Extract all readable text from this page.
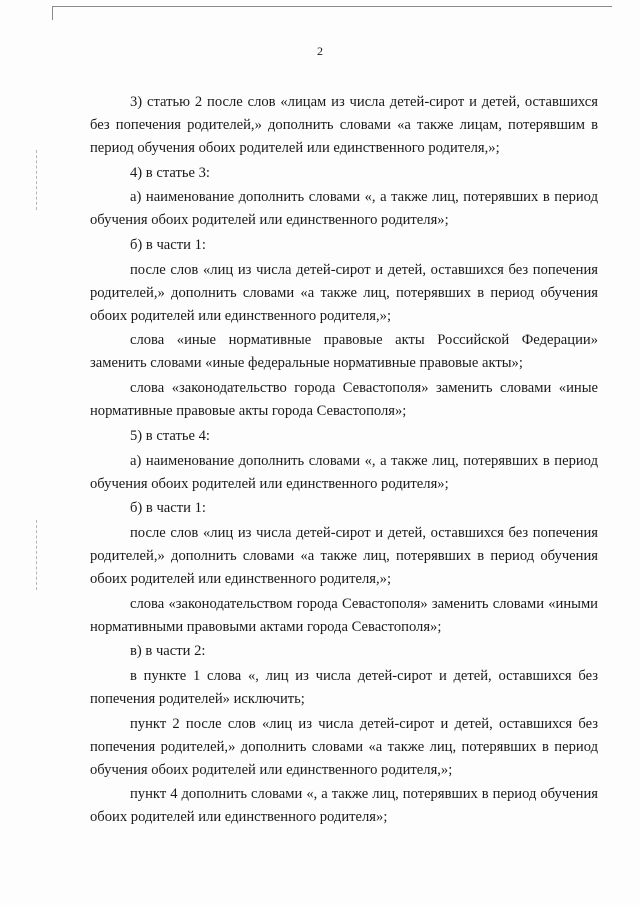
2

3) статью 2 после слов «лицам из числа детей-сирот и детей, оставшихся без попечения родителей,» дополнить словами «а также лицам, потерявшим в период обучения обоих родителей или единственного родителя,»;

4) в статье 3:

а) наименование дополнить словами «, а также лиц, потерявших в период обучения обоих родителей или единственного родителя»;

б) в части 1:

после слов «лиц из числа детей-сирот и детей, оставшихся без попечения родителей,» дополнить словами «а также лиц, потерявших в период обучения обоих родителей или единственного родителя,»;

слова «иные нормативные правовые акты Российской Федерации» заменить словами «иные федеральные нормативные правовые акты»;

слова «законодательство города Севастополя» заменить словами «иные нормативные правовые акты города Севастополя»;

5) в статье 4:

а) наименование дополнить словами «, а также лиц, потерявших в период обучения обоих родителей или единственного родителя»;

б) в части 1:

после слов «лиц из числа детей-сирот и детей, оставшихся без попечения родителей,» дополнить словами «а также лиц, потерявших в период обучения обоих родителей или единственного родителя,»;

слова «законодательством города Севастополя» заменить словами «иными нормативными правовыми актами города Севастополя»;

в) в части 2:

в пункте 1 слова «, лиц из числа детей-сирот и детей, оставшихся без попечения родителей» исключить;

пункт 2 после слов «лиц из числа детей-сирот и детей, оставшихся без попечения родителей,» дополнить словами «а также лиц, потерявших в период обучения обоих родителей или единственного родителя,»;

пункт 4 дополнить словами «, а также лиц, потерявших в период обучения обоих родителей или единственного родителя»;
